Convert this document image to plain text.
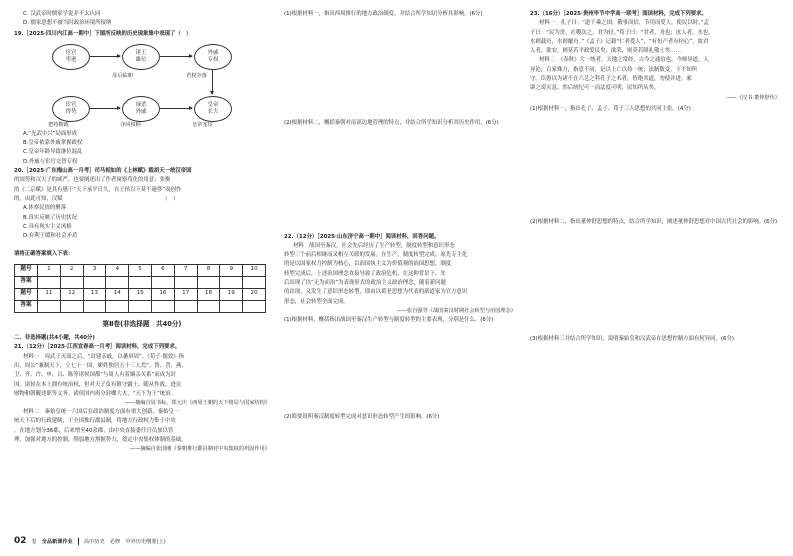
C. 汉武帝时儒家学说并不太认同
D. 儒家思想不被当时政治环境所接纳
19.［2025·四川内江高一期中］下图所反映的历史现象集中表现了（　）
宦官
卑逊
诸王
雄位
外戚
专权
宦官
得势
禄杀
外戚
皇帝
长大
母后临朝	君权旁落
把持朝政	夺回权柄	皇帝宠宦
A.“光武中兴”局面形成
B.皇帝依靠外戚掌握政权
C.皇帝年龄导致继位混乱
D.外戚与宦官交替专权
20.［2025·广东梅山高一月考］司马相如的《上林赋》载胡天一统汉帝国
的国势和汉天子的威严，也要阐述出了作者窥察苟化的用意；张衡
的《二京赋》是其有感于“天下承平日久，自王侯以下莫不逾侈”而创作
的。由此可知，汉赋　　　　　　　　　　　　　　　　　　　（　）
A.体察民情的聚落
B.真实反映了历史状况
C.具有现实主义风格
D.有利于缓和社会矛盾
请将正确答案填入下表：
题号	1	2	3	4	5	6	7	8	9	10
答案										
题号	11	12	13	14	15	16	17	18	19	20
答案										
第Ⅱ卷(非选择题　共40分)
二、非选择题(共4小题，共40分)
21.（12分）［2025·江西宜春高一月考］阅读材料，完成下列要求。
材料一　周武王灭商之后，“封建亲戚，以蕃屏周”。《荀子·儒效》指
出，周公“兼制天下，立七十一国，姬姓独居五十三人焉”。鲁、晋、燕、
卫、齐、许、申、吕、陈等诸侯国都“与周人有着姻亲关系”而成为封
国。诸侯在本土拥有统治权，但对天子负有镇守疆土、随从作战、进贡
财物和朝觐述职等义务。诸侯国内再分封卿大夫，“天下为王”统治。
——摘编自周书标，郑元庆《西周王朝的天下格局与国家结构》
材料二　秦始皇统一六国后在政治制度方面有重大创新，秦始皇一
统天下后的行政建制，于全国推行郡县制，将地方行政权力集于中央
。在地方划分36郡，后来增至40余郡，由中央直接委任官员加以管
理，加强对地方的控制，削弱地方割据势力，奠定中央集权体制的基础。
——摘编自张国刚《秦朝推行郡县制对中央集权的巩固作用》
(1)根据材料一，指出西周推行的地方政治制度，并结合所学知识分析其影响。(6分)
(2)根据材料二，概括秦朝对南部边地管理的特点，并结合所学知识分析其历史作用。(6分)
22.（12分）［2025·山东济宁高一期中］阅读材料，回答问题。
材料　战国至秦汉，社会先后经历了生产转型，制度转型和意识形态
转型三个前后相继而又相互关联的发展。在生产，制度转型完成，原先专主化
的是以国家权力控制为核心，以治国执主义为价值观的治国思想，制度
转型完成后，上述治国理念直接导致了政治危机，在这种背景下，先
后出现了以“无为而治”为表现形式的政治主义政治理念，随着新问题
的出现，又发生了意识形态转型，即由以黄老思想为代表的新道家为官方意识
形态，社会转型全面完成。
——张自强等《战国秦汉时期社会转型与治国理念》
(1)根据材料，概括指出战国至秦汉生产转型与制度转型的主要表现，分别是什么。(6分)
(2)简要说明秦汉制度转型完成对意识形态转型产生的影响。(6分)
23.（16分）［2025·贵州毕节中学高一联考］阅读材料，完成下列要求。
材料一　孔子曰：“道千乘之国，敬事而信，节用而爱人，使民以时。”孟
子曰：“民为贵，社稷次之，君为轻。”荀子曰：“君者，舟也；庶人者，水也，
水则载舟，水则覆舟。”《孟子》记载“仁者爱人”，“有恒产者有恒心”。故君
人者，欲安，则莫若平政爱民矣；欲荣，则莫若隆礼敬士矣……
材料二　《春秋》大一统者，天地之常经，古今之通谊也。今师异道，人
异论，百家殊方，指意不同，是以上亡以持一统；法制数变，下不知所
守。臣愚以为诸不在六艺之科孔子之术者，皆绝其道，勿使并进。邪
辟之说灭息，然后统纪可一而法度可明，民知所从矣。
——《汉书·董仲舒传》
(1)根据材料一，指出孔子、孟子、荀子三人思想的共同主张。(4分)
(2)根据材料二，指出董仲舒思想的特点，结合所学知识，阐述董仲舒思想对中国古代社会的影响。(6分)
(3)根据材料三并结合所学知识，说明秦始皇和汉武帝在思想控制方面有何异同。(6分)
02 卷 全品新课作业 高中历史　必修　中外历史纲要(上)
